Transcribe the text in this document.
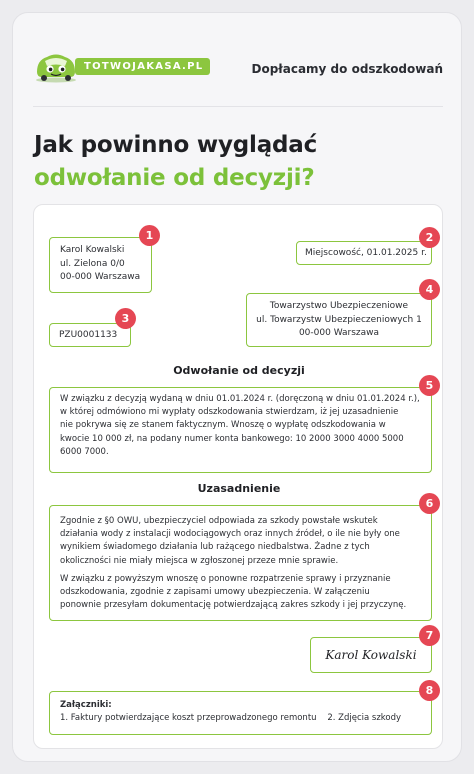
TOTWOJAKASA.PL	Dopłacamy do odszkodowań
Jak powinno wyglądać
odwołanie od decyzji?
Karol Kowalski
ul. Zielona 0/0
00-000 Warszawa
1
Miejscowość, 01.01.2025 r.
2
Towarzystwo Ubezpieczeniowe
ul. Towarzystw Ubezpieczeniowych 1
00-000 Warszawa
4
PZU0001133
3
Odwołanie od decyzji
W związku z decyzją wydaną w dniu 01.01.2024 r. (doręczoną w dniu 01.01.2024 r.),
w której odmówiono mi wypłaty odszkodowania stwierdzam, iż jej uzasadnienie
nie pokrywa się ze stanem faktycznym. Wnoszę o wypłatę odszkodowania w
kwocie 10 000 zł, na podany numer konta bankowego: 10 2000 3000 4000 5000
6000 7000.
5
Uzasadnienie
Zgodnie z §0 OWU, ubezpieczyciel odpowiada za szkody powstałe wskutek
działania wody z instalacji wodociągowych oraz innych źródeł, o ile nie były one
wynikiem świadomego działania lub rażącego niedbalstwa. Żadne z tych
okoliczności nie miały miejsca w zgłoszonej przeze mnie sprawie.
W związku z powyższym wnoszę o ponowne rozpatrzenie sprawy i przyznanie
odszkodowania, zgodnie z zapisami umowy ubezpieczenia. W załączeniu
ponownie przesyłam dokumentację potwierdzającą zakres szkody i jej przyczynę.
6
Karol Kowalski
7
Załączniki:
1. Faktury potwierdzające koszt przeprowadzonego remontu    2. Zdjęcia szkody
8
